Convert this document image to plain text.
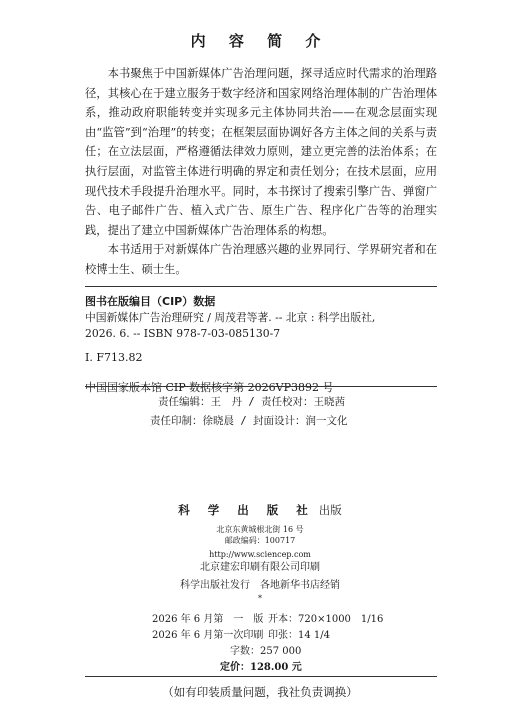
内 容 简 介

本书聚焦于中国新媒体广告治理问题，探寻适应时代需求的治理路径，其核心在于建立服务于数字经济和国家网络治理体制的广告治理体系，推动政府职能转变并实现多元主体协同共治——在观念层面实现由“监管”到“治理”的转变；在框架层面协调好各方主体之间的关系与责任；在立法层面，严格遵循法律效力原则，建立更完善的法治体系；在执行层面，对监管主体进行明确的界定和责任划分；在技术层面，应用现代技术手段提升治理水平。同时，本书探讨了搜索引擎广告、弹窗广告、电子邮件广告、植入式广告、原生广告、程序化广告等的治理实践，提出了建立中国新媒体广告治理体系的构想。

本书适用于对新媒体广告治理感兴趣的业界同行、学界研究者和在校博士生、硕士生。

图书在版编目（CIP）数据

中国新媒体广告治理研究 / 周茂君等著. -- 北京 : 科学出版社,

2026. 6. -- ISBN 978-7-03-085130-7

Ⅰ. F713.82

中国国家版本馆 CIP 数据核字第 2026VP3892 号

责任编辑：王　丹 / 责任校对：王晓茜
责任印制：徐晓晨 / 封面设计：润一文化

科 学 出 版 社 出版

北京东黄城根北街 16 号

邮政编码：100717

http://www.sciencep.com

北京建宏印刷有限公司印刷

科学出版社发行　各地新华书店经销

*

2026 年 6 月第　一　版 开本：720×1000　1/16
2026 年 6 月第一次印刷 印张：14 1/4
字数：257 000
定价：128.00 元
（如有印装质量问题，我社负责调换）
